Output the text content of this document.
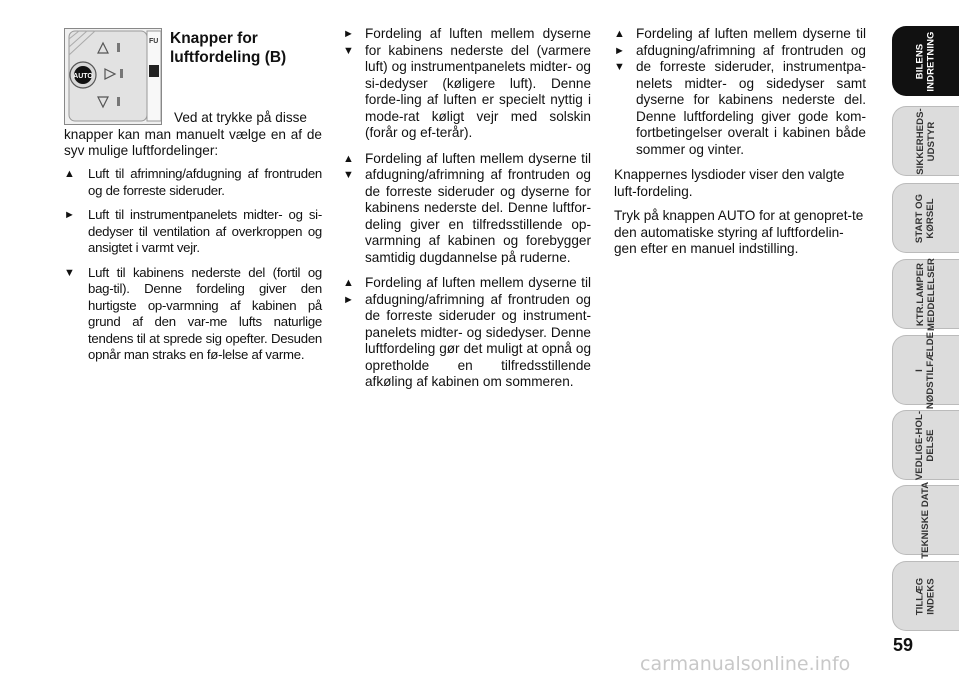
AUTO
FU Knapper for
luftfordeling (B)
Ved at trykke på disse
knapper kan man manuelt vælge en af de syv mulige luftfordelinger:
▲ Luft til afrimning/afdugning af frontruden og de forreste sideruder.
► Luft til instrumentpanelets midter- og si-dedyser til ventilation af overkroppen og ansigtet i varmt vejr.
▼ Luft til kabinens nederste del (fortil og bag-til). Denne fordeling giver den hurtigste op-varmning af kabinen på grund af den var-me lufts naturlige tendens til at sprede sig opefter. Desuden opnår man straks en fø-lelse af varme.
►
▼
Fordeling af luften mellem dyserne for kabinens nederste del (varmere luft) og instrumentpanelets midter- og si-dedyser (køligere luft). Denne forde-ling af luften er specielt nyttig i mode-rat køligt vejr med solskin (forår og ef-terår).
▲
▼
Fordeling af luften mellem dyserne til afdugning/afrimning af frontruden og de forreste sideruder og dyserne for kabinens nederste del. Denne luftfor-deling giver en tilfredsstillende op-varmning af kabinen og forebygger samtidig dugdannelse på ruderne.
▲
►
Fordeling af luften mellem dyserne til afdugning/afrimning af frontruden og de forreste sideruder og instrument-panelets midter- og sidedyser. Denne luftfordeling gør det muligt at opnå og opretholde en tilfredsstillende afkøling af kabinen om sommeren.
▲
►
▼
Fordeling af luften mellem dyserne til afdugning/afrimning af frontruden og de forreste sideruder, instrumentpa-nelets midter- og sidedyser samt dyserne for kabinens nederste del. Denne luftfordeling giver gode kom-fortbetingelser overalt i kabinen både sommer og vinter.

Knappernes lysdioder viser den valgte luft-fordeling.

Tryk på knappen AUTO for at genopret-te den automatiske styring af luftfordelin-gen efter en manuel indstilling.

BILENS
INDRETNING
SIKKERHEDS-
UDSTYR
START OG
KØRSEL
KTR.LAMPER
MEDDELELSER
I
NØDSTILFÆLDE
VEDLIGE-HOL-
DELSE
TEKNISKE DATA
TILLÆG
INDEKS
59
carmanualsonline.info
